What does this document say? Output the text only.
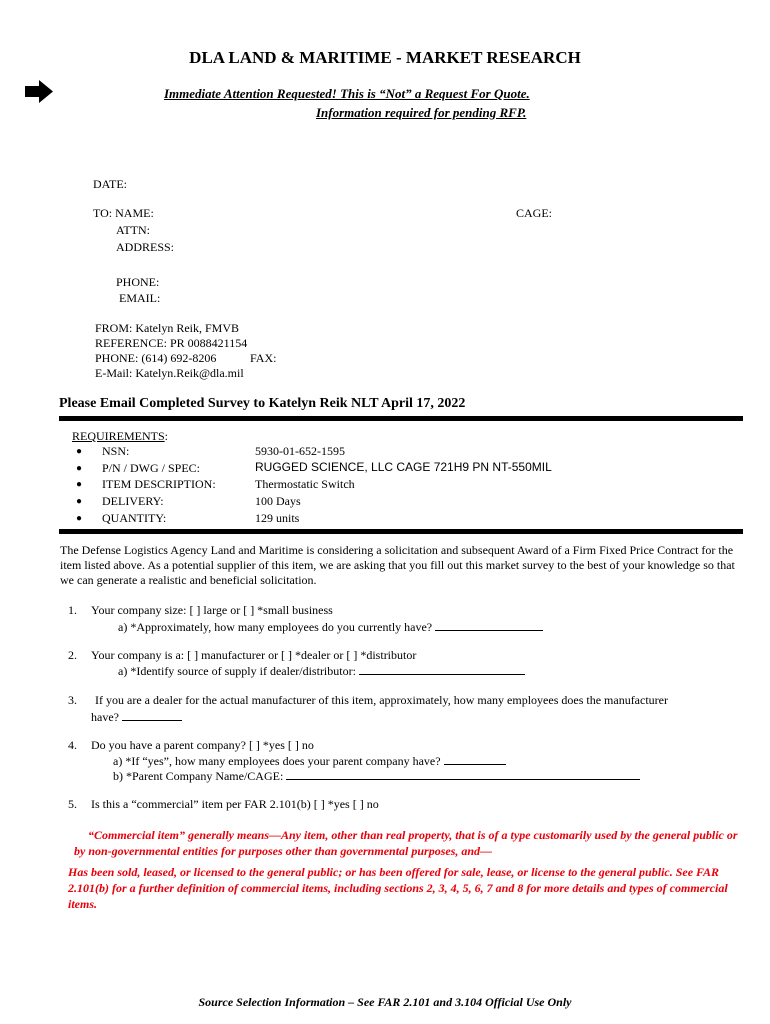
DLA LAND & MARITIME - MARKET RESEARCH
Immediate Attention Requested! This is “Not” a Request For Quote.
Information required for pending RFP.
DATE:
TO: NAME:	CAGE:
ATTN:
ADDRESS:
PHONE:
EMAIL:
FROM: Katelyn Reik, FMVB
REFERENCE: PR 0088421154
PHONE: (614) 692-8206	FAX:
E-Mail: Katelyn.Reik@dla.mil
Please Email Completed Survey to Katelyn Reik NLT April 17, 2022
REQUIREMENTS:
● NSN:	5930-01-652-1595
● P/N / DWG / SPEC:	RUGGED SCIENCE, LLC CAGE 721H9 PN NT-550MIL
● ITEM DESCRIPTION:	Thermostatic Switch
● DELIVERY:	100 Days
● QUANTITY:	129 units
The Defense Logistics Agency Land and Maritime is considering a solicitation and subsequent Award of a Firm Fixed Price Contract for the item listed above. As a potential supplier of this item, we are asking that you fill out this market survey to the best of your knowledge so that we can generate a realistic and beneficial solicitation.
1. Your company size: [ ] large or [ ] *small business
a) *Approximately, how many employees do you currently have?
2. Your company is a: [ ] manufacturer or [ ] *dealer or [ ] *distributor
a) *Identify source of supply if dealer/distributor:
3. If you are a dealer for the actual manufacturer of this item, approximately, how many employees does the manufacturer
have?
4. Do you have a parent company? [ ] *yes [ ] no
a) *If “yes”, how many employees does your parent company have?
b) *Parent Company Name/CAGE:
5. Is this a “commercial” item per FAR 2.101(b) [ ] *yes [ ] no
“Commercial item” generally means—Any item, other than real property, that is of a type customarily used by the general public or by non-governmental entities for purposes other than governmental purposes, and—
Has been sold, leased, or licensed to the general public; or has been offered for sale, lease, or license to the general public. See FAR 2.101(b) for a further definition of commercial items, including sections 2, 3, 4, 5, 6, 7 and 8 for more details and types of commercial items.
Source Selection Information – See FAR 2.101 and 3.104 Official Use Only
